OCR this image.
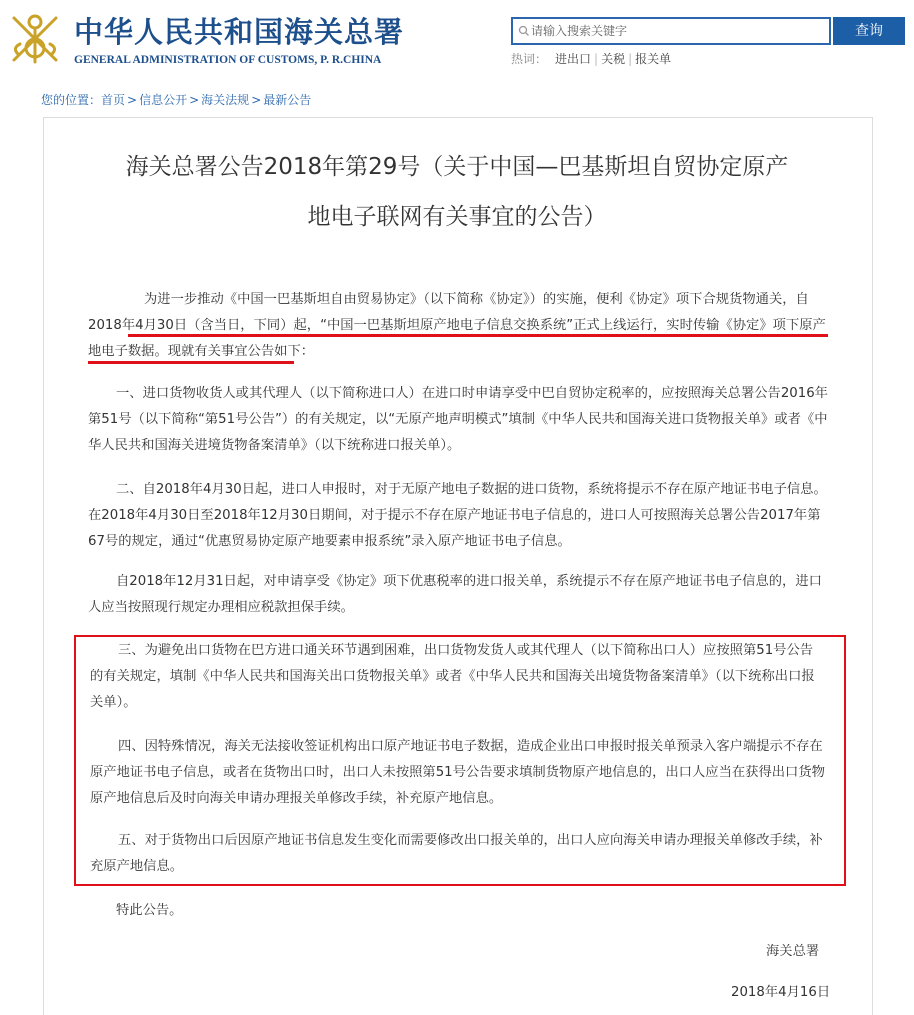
中华人民共和国海关总署
GENERAL ADMINISTRATION OF CUSTOMS, P. R.CHINA
请输入搜索关键字
查询
热词： 进出口 | 关税 | 报关单
您的位置：首页 > 信息公开 > 海关法规 > 最新公告
海关总署公告2018年第29号（关于中国—巴基斯坦自贸协定原产
地电子联网有关事宜的公告）

为进一步推动《中国一巴基斯坦自由贸易协定》（以下简称《协定》）的实施，便利《协定》项下合规货物通关，自2018年4月30日（含当日，下同）起，“中国一巴基斯坦原产地电子信息交换系统”正式上线运行，实时传输《协定》项下原产地电子数据。现就有关事宜公告如下：

一、进口货物收货人或其代理人（以下简称进口人）在进口时申请享受中巴自贸协定税率的，应按照海关总署公告2016年第51号（以下简称“第51号公告”）的有关规定，以“无原产地声明模式”填制《中华人民共和国海关进口货物报关单》或者《中华人民共和国海关进境货物备案清单》（以下统称进口报关单）。

二、自2018年4月30日起，进口人申报时，对于无原产地电子数据的进口货物，系统将提示不存在原产地证书电子信息。在2018年4月30日至2018年12月30日期间，对于提示不存在原产地证书电子信息的，进口人可按照海关总署公告2017年第67号的规定，通过“优惠贸易协定原产地要素申报系统”录入原产地证书电子信息。

自2018年12月31日起，对申请享受《协定》项下优惠税率的进口报关单，系统提示不存在原产地证书电子信息的，进口人应当按照现行规定办理相应税款担保手续。

三、为避免出口货物在巴方进口通关环节遇到困难，出口货物发货人或其代理人（以下简称出口人）应按照第51号公告的有关规定，填制《中华人民共和国海关出口货物报关单》或者《中华人民共和国海关出境货物备案清单》（以下统称出口报关单）。

四、因特殊情况，海关无法接收签证机构出口原产地证书电子数据，造成企业出口申报时报关单预录入客户端提示不存在原产地证书电子信息，或者在货物出口时，出口人未按照第51号公告要求填制货物原产地信息的，出口人应当在获得出口货物原产地信息后及时向海关申请办理报关单修改手续，补充原产地信息。

五、对于货物出口后因原产地证书信息发生变化而需要修改出口报关单的，出口人应向海关申请办理报关单修改手续，补充原产地信息。

特此公告。
海关总署
2018年4月16日
